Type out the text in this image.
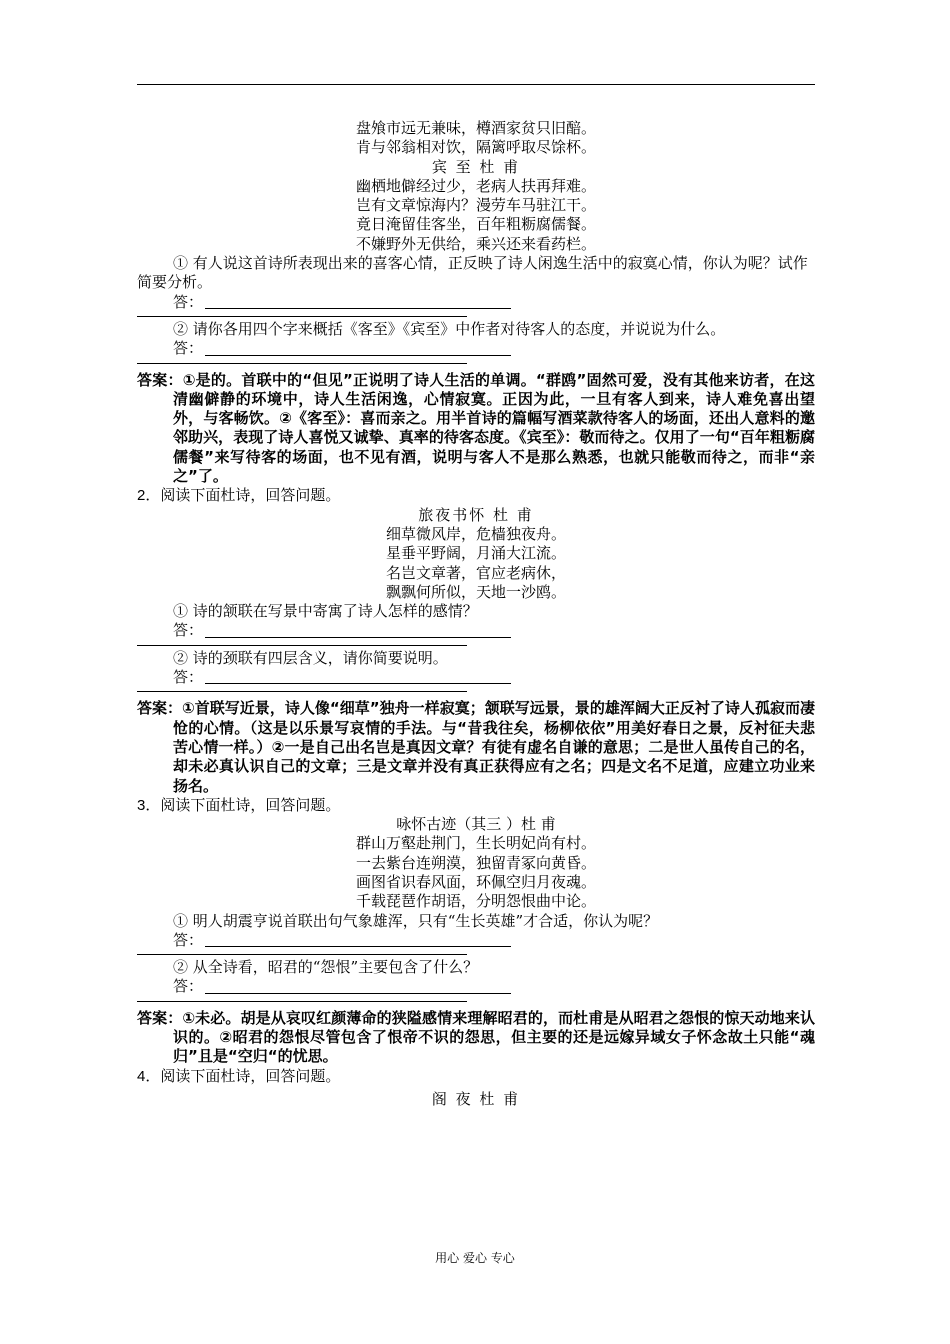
盘飧市远无兼味，樽酒家贫只旧醅。
肯与邻翁相对饮，隔篱呼取尽馀杯。
宾 至 杜 甫
幽栖地僻经过少，老病人扶再拜难。
岂有文章惊海内？漫劳车马驻江干。
竟日淹留佳客坐，百年粗粝腐儒餐。
不嫌野外无供给，乘兴还来看药栏。
① 有人说这首诗所表现出来的喜客心情，正反映了诗人闲逸生活中的寂寞心情，你认为呢？试作简要分析。
答：
② 请你各用四个字来概括《客至》《宾至》中作者对待客人的态度，并说说为什么。
答：
答案：①是的。首联中的“但见”正说明了诗人生活的单调。“群鸥”固然可爱，没有其他来访者，在这清幽僻静的环境中，诗人生活闲逸，心情寂寞。正因为此，一旦有客人到来，诗人难免喜出望外，与客畅饮。②《客至》：喜而亲之。用半首诗的篇幅写酒菜款待客人的场面，还出人意料的邀邻助兴，表现了诗人喜悦又诚挚、真率的待客态度。《宾至》：敬而待之。仅用了一句“百年粗粝腐儒餐”来写待客的场面，也不见有酒，说明与客人不是那么熟悉，也就只能敬而待之，而非“亲之”了。
2．阅读下面杜诗，回答问题。
旅夜书怀 杜 甫
细草微风岸，危樯独夜舟。
星垂平野阔，月涌大江流。
名岂文章著，官应老病休，
飘飘何所似，天地一沙鸥。
① 诗的颔联在写景中寄寓了诗人怎样的感情？
答：
② 诗的颈联有四层含义，请你简要说明。
答：
答案：①首联写近景，诗人像“细草”独舟一样寂寞；颔联写远景，景的雄浑阔大正反衬了诗人孤寂而凄怆的心情。（这是以乐景写哀情的手法。与“昔我往矣，杨柳依依”用美好春日之景，反衬征夫悲苦心情一样。）②一是自己出名岂是真因文章？有徒有虚名自谦的意思；二是世人虽传自己的名，却未必真认识自己的文章；三是文章并没有真正获得应有之名；四是文名不足道，应建立功业来扬名。
3．阅读下面杜诗，回答问题。
咏怀古迹（其三 ）杜 甫
群山万壑赴荆门，生长明妃尚有村。
一去紫台连朔漠，独留青冢向黄昏。
画图省识春风面，环佩空归月夜魂。
千载琵琶作胡语，分明怨恨曲中论。
① 明人胡震亨说首联出句气象雄浑，只有“生长英雄”才合适，你认为呢？
答：
② 从全诗看，昭君的“怨恨”主要包含了什么？
答：
答案：①未必。胡是从哀叹红颜薄命的狭隘感情来理解昭君的，而杜甫是从昭君之怨恨的惊天动地来认识的。②昭君的怨恨尽管包含了恨帝不识的怨思，但主要的还是远嫁异域女子怀念故土只能“魂归”且是“空归“的忧思。
4．阅读下面杜诗，回答问题。
阁 夜 杜 甫
用心 爱心 专心
